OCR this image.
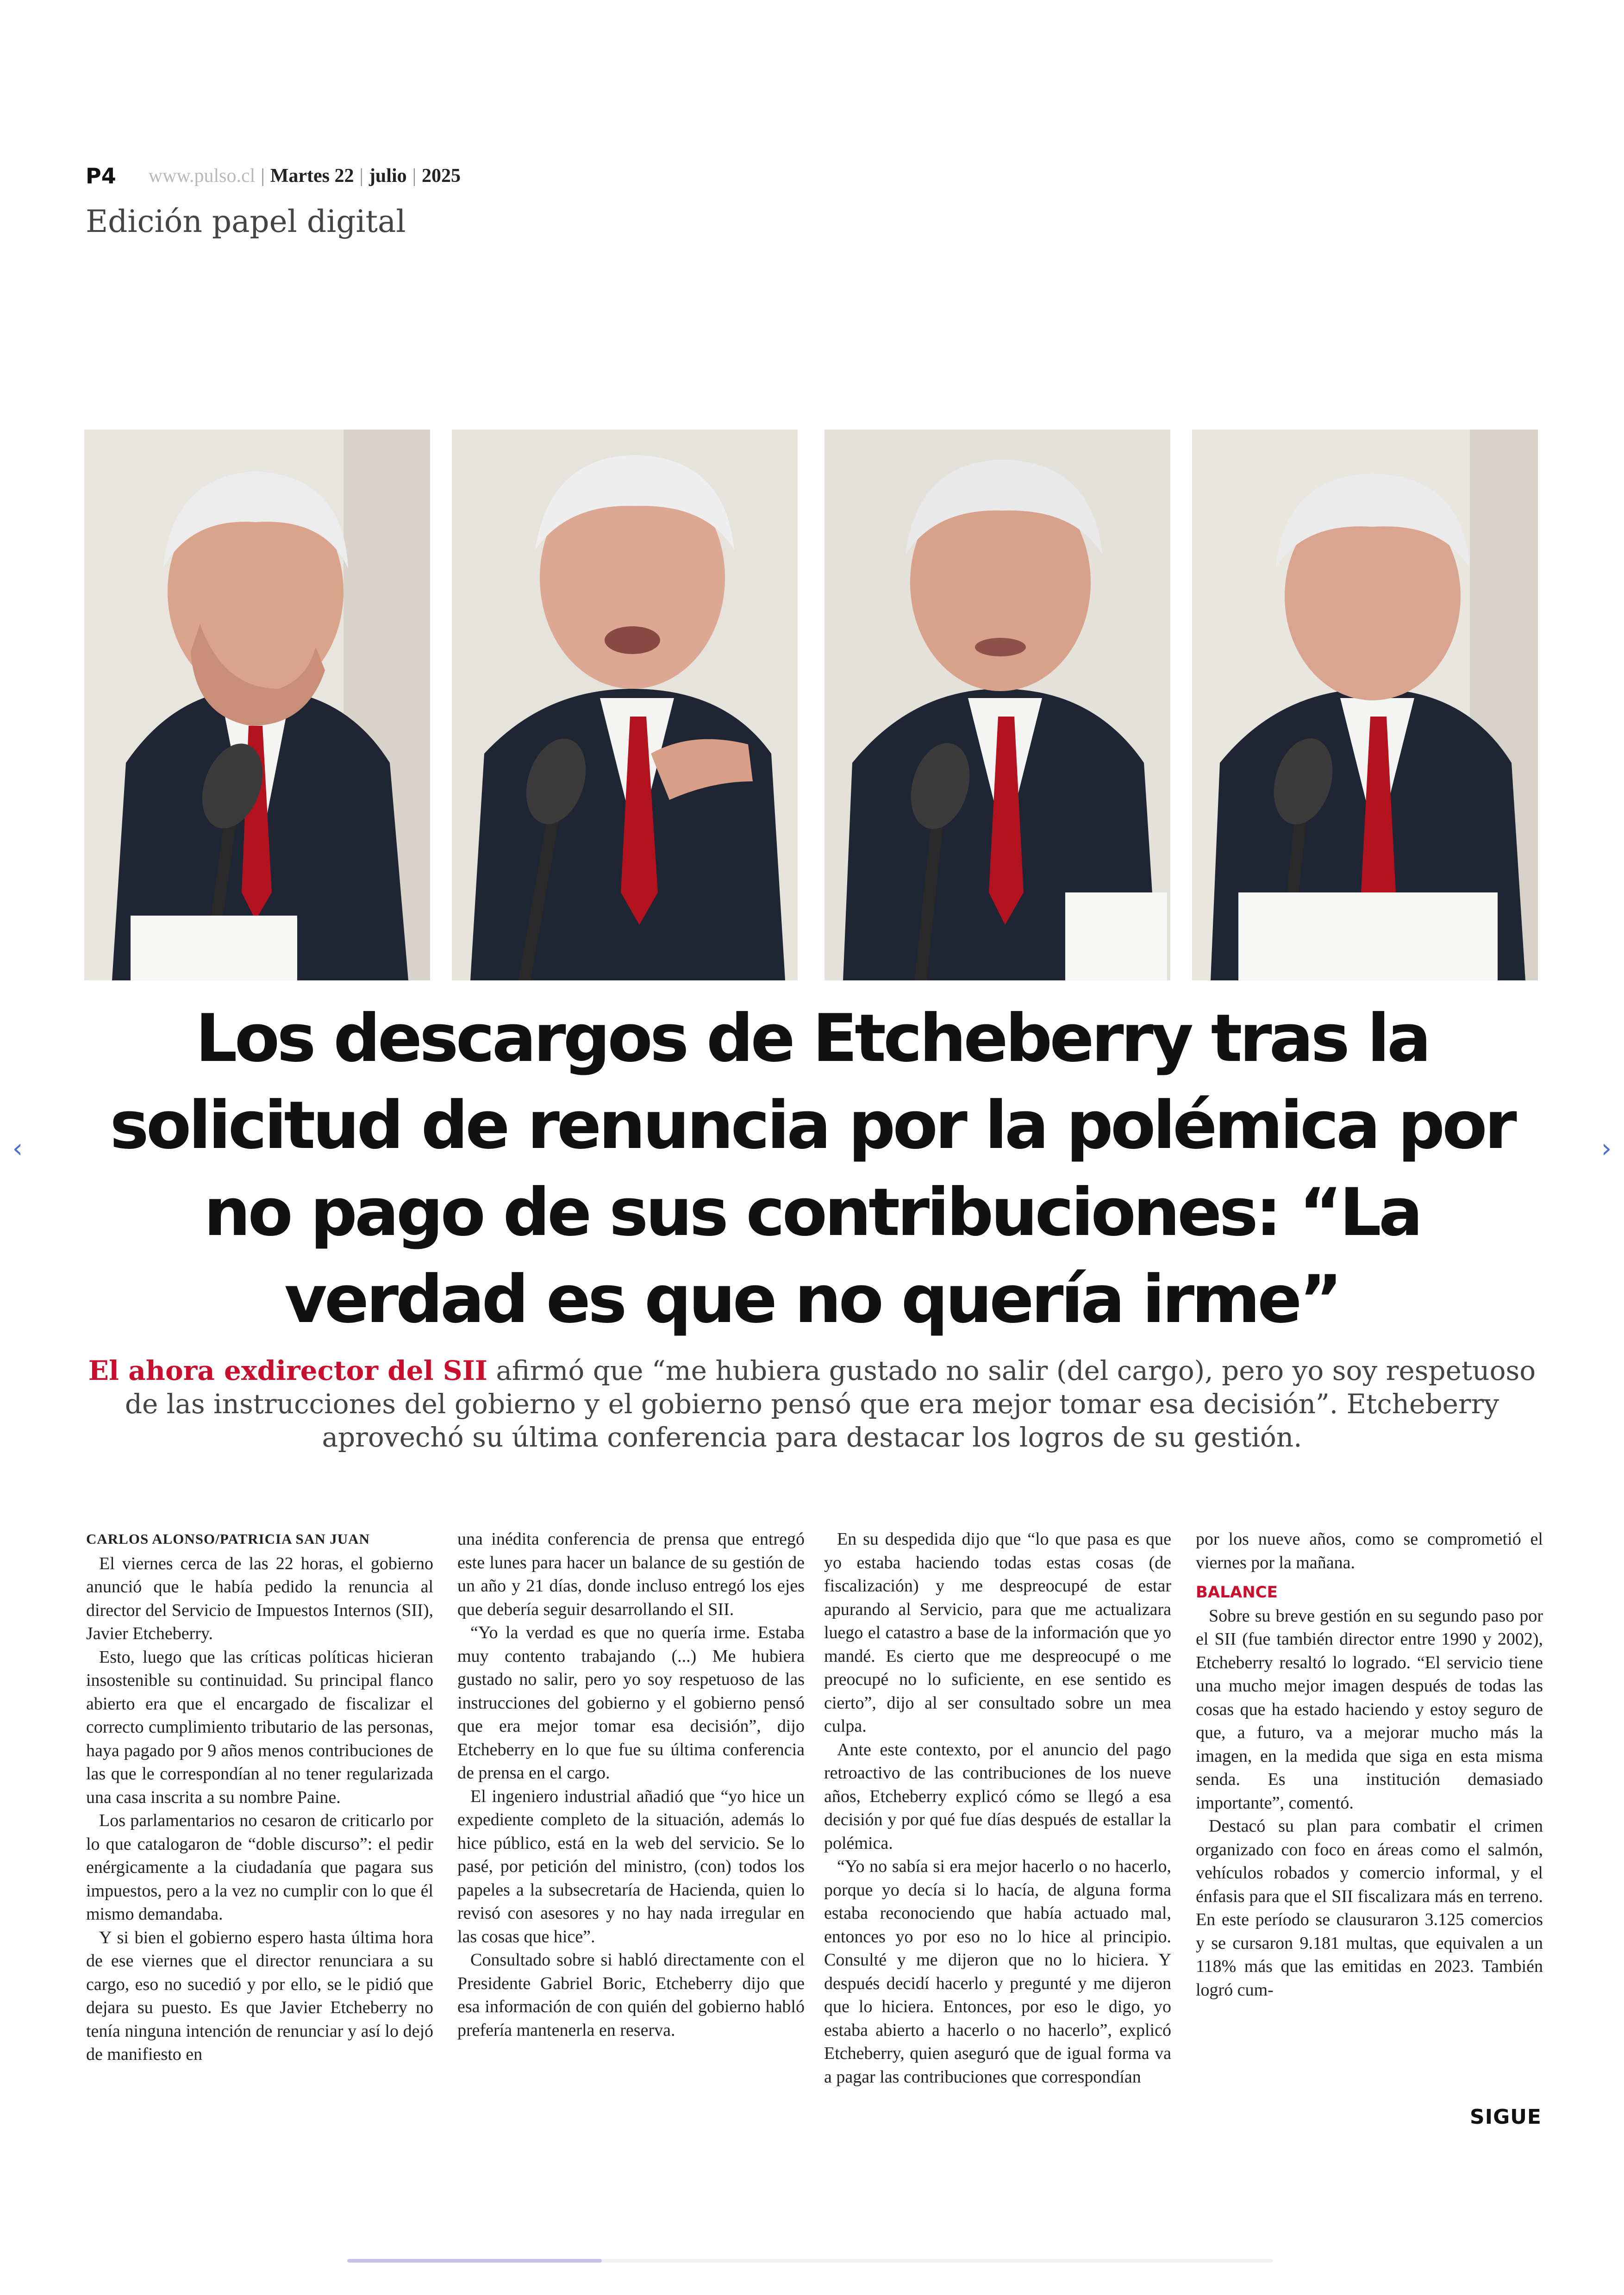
P4 www.pulso.cl | Martes 22 | julio | 2025
Edición papel digital
Los descargos de Etcheberry tras la solicitud de renuncia por la polémica por no pago de sus contribuciones: “La verdad es que no quería irme”

El ahora exdirector del SII afirmó que “me hubiera gustado no salir (del cargo), pero yo soy respetuoso de las instrucciones del gobierno y el gobierno pensó que era mejor tomar esa decisión”. Etcheberry aprovechó su última conferencia para destacar los logros de su gestión.

‹	›

CARLOS ALONSO/PATRICIA SAN JUAN

El viernes cerca de las 22 horas, el gobierno anunció que le había pedido la renuncia al director del Servicio de Impuestos Internos (SII), Javier Etcheberry.

Esto, luego que las críticas políticas hicieran insostenible su continuidad. Su principal flanco abierto era que el encargado de fiscalizar el correcto cumplimiento tributario de las personas, haya pagado por 9 años menos contribuciones de las que le correspondían al no tener regularizada una casa inscrita a su nombre Paine.

Los parlamentarios no cesaron de criticarlo por lo que catalogaron de “doble discurso”: el pedir enérgicamente a la ciudadanía que pagara sus impuestos, pero a la vez no cumplir con lo que él mismo demandaba.

Y si bien el gobierno espero hasta última hora de ese viernes que el director renunciara a su cargo, eso no sucedió y por ello, se le pidió que dejara su puesto. Es que Javier Etcheberry no tenía ninguna intención de renunciar y así lo dejó de manifiesto en

una inédita conferencia de prensa que entregó este lunes para hacer un balance de su gestión de un año y 21 días, donde incluso entregó los ejes que debería seguir desarrollando el SII.

“Yo la verdad es que no quería irme. Estaba muy contento trabajando (...) Me hubiera gustado no salir, pero yo soy respetuoso de las instrucciones del gobierno y el gobierno pensó que era mejor tomar esa decisión”, dijo Etcheberry en lo que fue su última conferencia de prensa en el cargo.

El ingeniero industrial añadió que “yo hice un expediente completo de la situación, además lo hice público, está en la web del servicio. Se lo pasé, por petición del ministro, (con) todos los papeles a la subsecretaría de Hacienda, quien lo revisó con asesores y no hay nada irregular en las cosas que hice”.

Consultado sobre si habló directamente con el Presidente Gabriel Boric, Etcheberry dijo que esa información de con quién del gobierno habló prefería mantenerla en reserva.

En su despedida dijo que “lo que pasa es que yo estaba haciendo todas estas cosas (de fiscalización) y me despreocupé de estar apurando al Servicio, para que me actualizara luego el catastro a base de la información que yo mandé. Es cierto que me despreocupé o me preocupé no lo suficiente, en ese sentido es cierto”, dijo al ser consultado sobre un mea culpa.

Ante este contexto, por el anuncio del pago retroactivo de las contribuciones de los nueve años, Etcheberry explicó cómo se llegó a esa decisión y por qué fue días después de estallar la polémica.

“Yo no sabía si era mejor hacerlo o no hacerlo, porque yo decía si lo hacía, de alguna forma estaba reconociendo que había actuado mal, entonces yo por eso no lo hice al principio. Consulté y me dijeron que no lo hiciera. Y después decidí hacerlo y pregunté y me dijeron que lo hiciera. Entonces, por eso le digo, yo estaba abierto a hacerlo o no hacerlo”, explicó Etcheberry, quien aseguró que de igual forma va a pagar las contribuciones que correspondían

por los nueve años, como se comprometió el viernes por la mañana.

BALANCE

Sobre su breve gestión en su segundo paso por el SII (fue también director entre 1990 y 2002), Etcheberry resaltó lo logrado. “El servicio tiene una mucho mejor imagen después de todas las cosas que ha estado haciendo y estoy seguro de que, a futuro, va a mejorar mucho más la imagen, en la medida que siga en esta misma senda. Es una institución demasiado importante”, comentó.

Destacó su plan para combatir el crimen organizado con foco en áreas como el salmón, vehículos robados y comercio informal, y el énfasis para que el SII fiscalizara más en terreno. En este período se clausuraron 3.125 comercios y se cursaron 9.181 multas, que equivalen a un 118% más que las emitidas en 2023. También logró cum-

SIGUE
